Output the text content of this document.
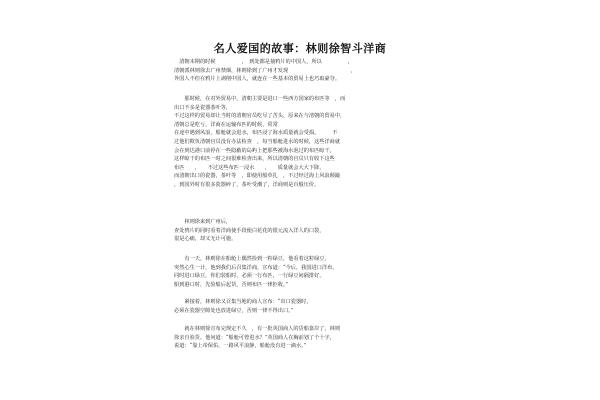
名人爱国的故事：林则徐智斗洋商
　清朝末期的时候　　　　　，　到处都是抽鸦片的中国人，所以　　　　　，
清朝派林则徐去广州禁烟，林则徐到了广州才发现　　　　　　　　　　　　，
外国人不但在鸦片上剥削中国人，就连在一些基本的贸易上也巧取豪夺。
　　那时候，在对外贸易中，清朝主要是进口一些西方国家的布匹等　，而
出口不多是瓷器茶叶等，
不过这样的贸易却让当时的清朝官员吃尽了苦头，原来在与清朝的贸易中，
清朝总是吃亏，洋商在运输布匹的时候，常常
在途中遇到风浪，船舱就会进水，布匹浸了海水质量就会受损。　　　不
过他们欺负清朝官员没有办法检查　，每当船舱进水的时候，这些洋商就
会在到达港口前停在一些隐蔽的岛屿上把那些被海水泡过的布匹晾干，
这样晾干的布匹一时之间很难检查出来，所以清朝的官员只有收下这些
布匹　　，　　不过这些布匹一浸水　　，　　质量就会大大下降，
而清朝出口的瓷器，茶叶等　，即使用船草扎　，不过经过海上风浪颠簸
，到国外时有很多瓷器碎了，茶叶受潮了，洋商则是百般压价。
　　林则徐来到广州后，
查处鸦片的同时看着洋商使手段使白花花的银元流入洋人的口袋，
很是心痛，却又无计可施。
　　有一天，林则徐在船舱上偶然捡到一粒绿豆，他看着这粒绿豆，
突然心生一计，他到我们后召集洋商，宣布道：“今后，我国进口洋布，
同时进口绿豆，你们装船时，必须一行布匹，一行绿豆间隔排好，
船到港口时，先验船后起货，否则布匹一律拒收。”
　　紧接着，林则徐又召集当地的商人宣布：“出口瓷器时，
必须在瓷器空隙处也放进绿豆，否则一律不得出口。”
　　就在林则徐宣布完规定不久　，有一批英国商人的货船靠岸了，林则
徐亲自验货。他问道：“船舱可曾进水？”英国商人在胸前划了个十字，
说道：“靠上帝保佑，一路风平浪静，船舱没有进一滴水。”
